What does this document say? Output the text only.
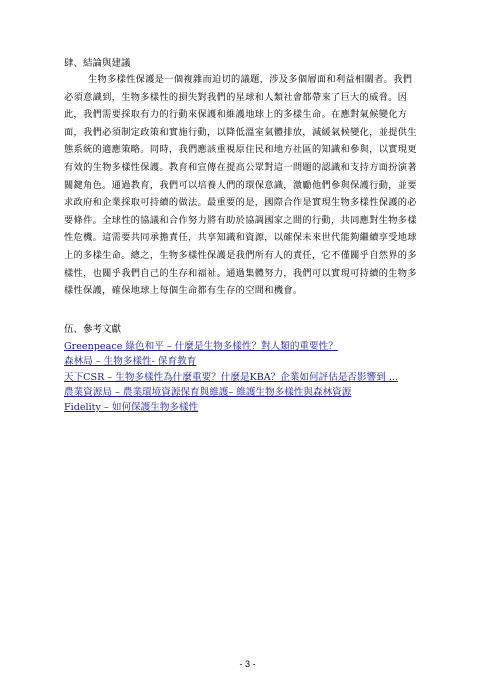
肆、結論與建議
生物多樣性保護是一個複雜而迫切的議題，涉及多個層面和利益相關者。我們
必須意識到，生物多樣性的損失對我們的星球和人類社會都帶來了巨大的威脅。因
此，我們需要採取有力的行動來保護和維護地球上的多樣生命。在應對氣候變化方
面，我們必須制定政策和實施行動，以降低溫室氣體排放，減緩氣候變化，並提供生
態系統的適應策略。同時，我們應該重視原住民和地方社區的知識和參與，以實現更
有效的生物多樣性保護。教育和宣傳在提高公眾對這一問題的認識和支持方面扮演著
關鍵角色。通過教育，我們可以培養人們的環保意識，激勵他們參與保護行動，並要
求政府和企業採取可持續的做法。最重要的是，國際合作是實現生物多樣性保護的必
要條件。全球性的協議和合作努力將有助於協調國家之間的行動，共同應對生物多樣
性危機。這需要共同承擔責任，共享知識和資源，以確保未來世代能夠繼續享受地球
上的多樣生命。總之，生物多樣性保護是我們所有人的責任，它不僅關乎自然界的多
樣性，也關乎我們自己的生存和福祉。通過集體努力，我們可以實現可持續的生物多
樣性保護，確保地球上每個生命都有生存的空間和機會。
伍、參考文獻
Greenpeace 綠色和平 – 什麼是生物多樣性？對人類的重要性？
森林局 – 生物多樣性- 保育教育
天下CSR – 生物多樣性為什麼重要？什麼是KBA？企業如何評估是否影響到 ...
農業資源局 – 農業環境資源保育與維護– 維護生物多樣性與森林資源
Fidelity – 如何保護生物多樣性
- 3 -
